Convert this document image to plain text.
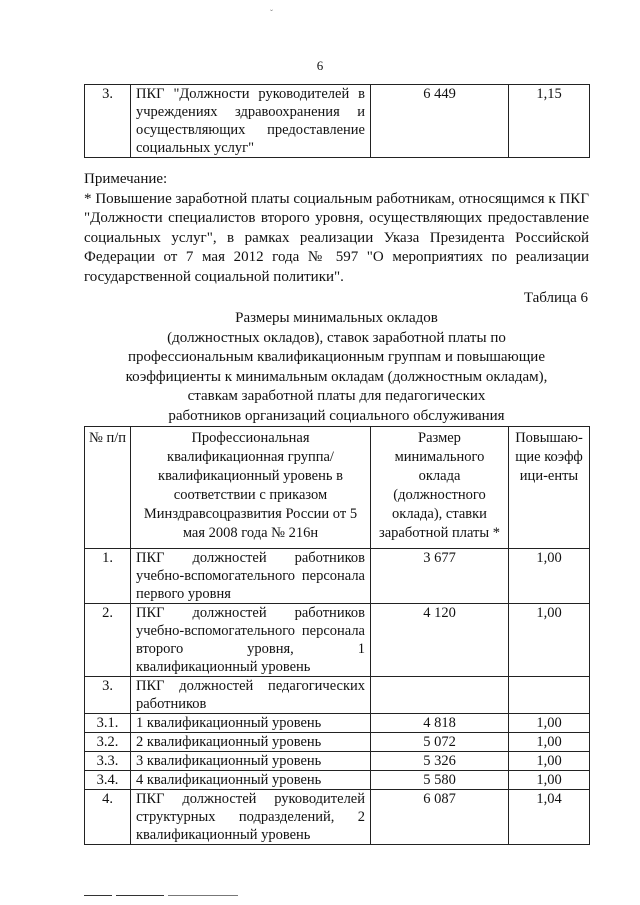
ˇ
6
3.	ПКГ "Должности руководителей в учреждениях здравоохранения и осуществляющих предоставление социальных услуг"	6 449	1,15
Примечание:
* Повышение заработной платы социальным работникам, относящимся к ПКГ "Должности специалистов второго уровня, осуществляющих предоставление социальных услуг", в рамках реализации Указа Президента Российской Федерации от 7 мая 2012 года № 597 "О мероприятиях по реализации государственной социальной политики".
Таблица 6
Размеры минимальных окладов
(должностных окладов), ставок заработной платы по
профессиональным квалификационным группам и повышающие
коэффициенты к минимальным окладам (должностным окладам),
ставкам заработной платы для педагогических
работников организаций социального обслуживания
№ п/п	Профессиональная квалификационная группа/квалификационный уровень в соответствии с приказом Минздравсоцразвития России от 5 мая 2008 года № 216н	Размер минимального оклада (должностного оклада), ставки заработной платы *	Повышаю-щие коэффици-енты
1.	ПКГ должностей работников учебно-вспомогательного персонала первого уровня	3 677	1,00
2.	ПКГ должностей работников учебно-вспомогательного персонала второго уровня, 1 квалификационный уровень	4 120	1,00
3.	ПКГ должностей педагогических работников		
3.1.	1 квалификационный уровень	4 818	1,00
3.2.	2 квалификационный уровень	5 072	1,00
3.3.	3 квалификационный уровень	5 326	1,00
3.4.	4 квалификационный уровень	5 580	1,00
4.	ПКГ должностей руководителей структурных подразделений, 2 квалификационный уровень	6 087	1,04
